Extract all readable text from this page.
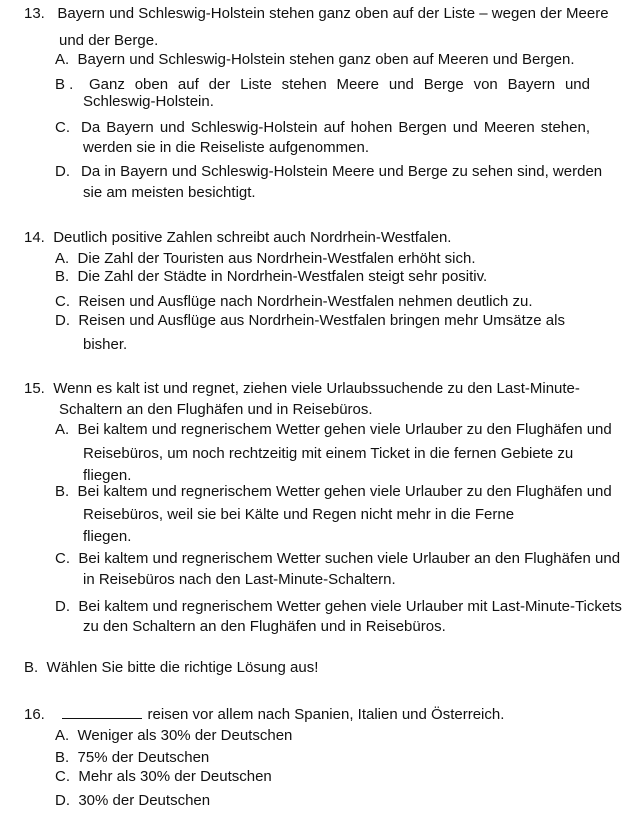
13. Bayern und Schleswig-Holstein stehen ganz oben auf der Liste – wegen der Meere
und der Berge.
A. Bayern und Schleswig-Holstein stehen ganz oben auf Meeren und Bergen.
B . Ganz oben auf der Liste stehen Meere und Berge von Bayern und
Schleswig-Holstein.
C. Da Bayern und Schleswig-Holstein auf hohen Bergen und Meeren stehen,
werden sie in die Reiseliste aufgenommen.
D. Da in Bayern und Schleswig-Holstein Meere und Berge zu sehen sind, werden
sie am meisten besichtigt.
14. Deutlich positive Zahlen schreibt auch Nordrhein-Westfalen.
A. Die Zahl der Touristen aus Nordrhein-Westfalen erhöht sich.
B. Die Zahl der Städte in Nordrhein-Westfalen steigt sehr positiv.
C. Reisen und Ausflüge nach Nordrhein-Westfalen nehmen deutlich zu.
D. Reisen und Ausflüge aus Nordrhein-Westfalen bringen mehr Umsätze als
bisher.
15. Wenn es kalt ist und regnet, ziehen viele Urlaubssuchende zu den Last-Minute-
Schaltern an den Flughäfen und in Reisebüros.
A. Bei kaltem und regnerischem Wetter gehen viele Urlauber zu den Flughäfen und
Reisebüros, um noch rechtzeitig mit einem Ticket in die fernen Gebiete zu
fliegen.
B. Bei kaltem und regnerischem Wetter gehen viele Urlauber zu den Flughäfen und
Reisebüros, weil sie bei Kälte und Regen nicht mehr in die Ferne
fliegen.
C. Bei kaltem und regnerischem Wetter suchen viele Urlauber an den Flughäfen und
in Reisebüros nach den Last-Minute-Schaltern.
D. Bei kaltem und regnerischem Wetter gehen viele Urlauber mit Last-Minute-Tickets
zu den Schaltern an den Flughäfen und in Reisebüros.
B. Wählen Sie bitte die richtige Lösung aus!
16.	reisen vor allem nach Spanien, Italien und Österreich.
A. Weniger als 30% der Deutschen
B. 75% der Deutschen
C. Mehr als 30% der Deutschen
D. 30% der Deutschen
